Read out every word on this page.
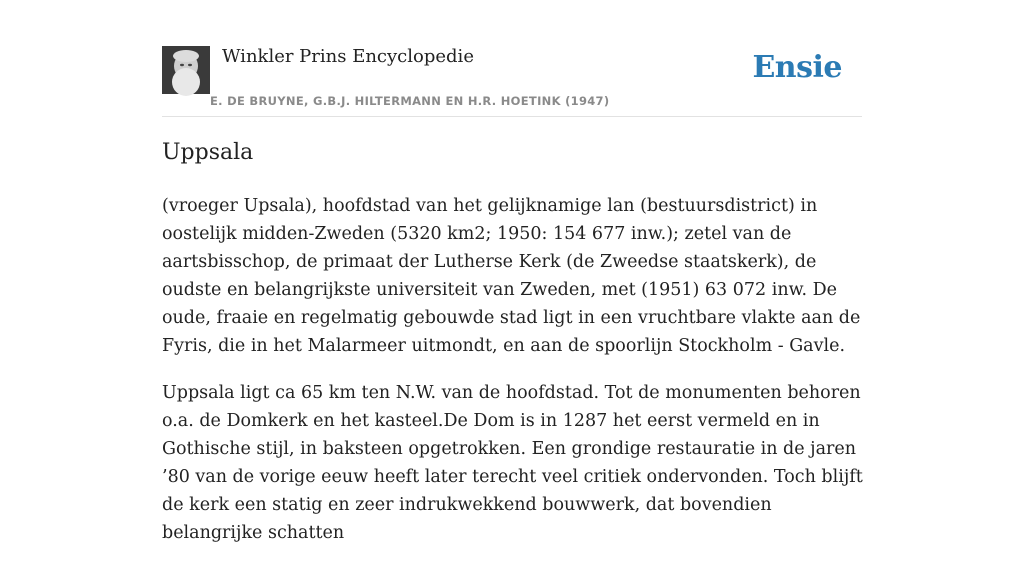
Winkler Prins Encyclopedie
E. DE BRUYNE, G.B.J. HILTERMANN EN H.R. HOETINK (1947)
Ensie
Uppsala

(vroeger Upsala), hoofdstad van het gelijknamige lan (bestuursdistrict) in oostelijk midden-Zweden (5320 km2; 1950: 154 677 inw.); zetel van de aartsbisschop, de primaat der Lutherse Kerk (de Zweedse staatskerk), de oudste en belangrijkste universiteit van Zweden, met (1951) 63 072 inw. De oude, fraaie en regelmatig gebouwde stad ligt in een vruchtbare vlakte aan de Fyris, die in het Malarmeer uitmondt, en aan de spoorlijn Stockholm - Gavle.

Uppsala ligt ca 65 km ten N.W. van de hoofdstad. Tot de monumenten behoren o.a. de Domkerk en het kasteel.De Dom is in 1287 het eerst vermeld en in Gothische stijl, in baksteen opgetrokken. Een grondige restauratie in de jaren ’80 van de vorige eeuw heeft later terecht veel critiek ondervonden. Toch blijft de kerk een statig en zeer indrukwekkend bouwwerk, dat bovendien belangrijke schatten
